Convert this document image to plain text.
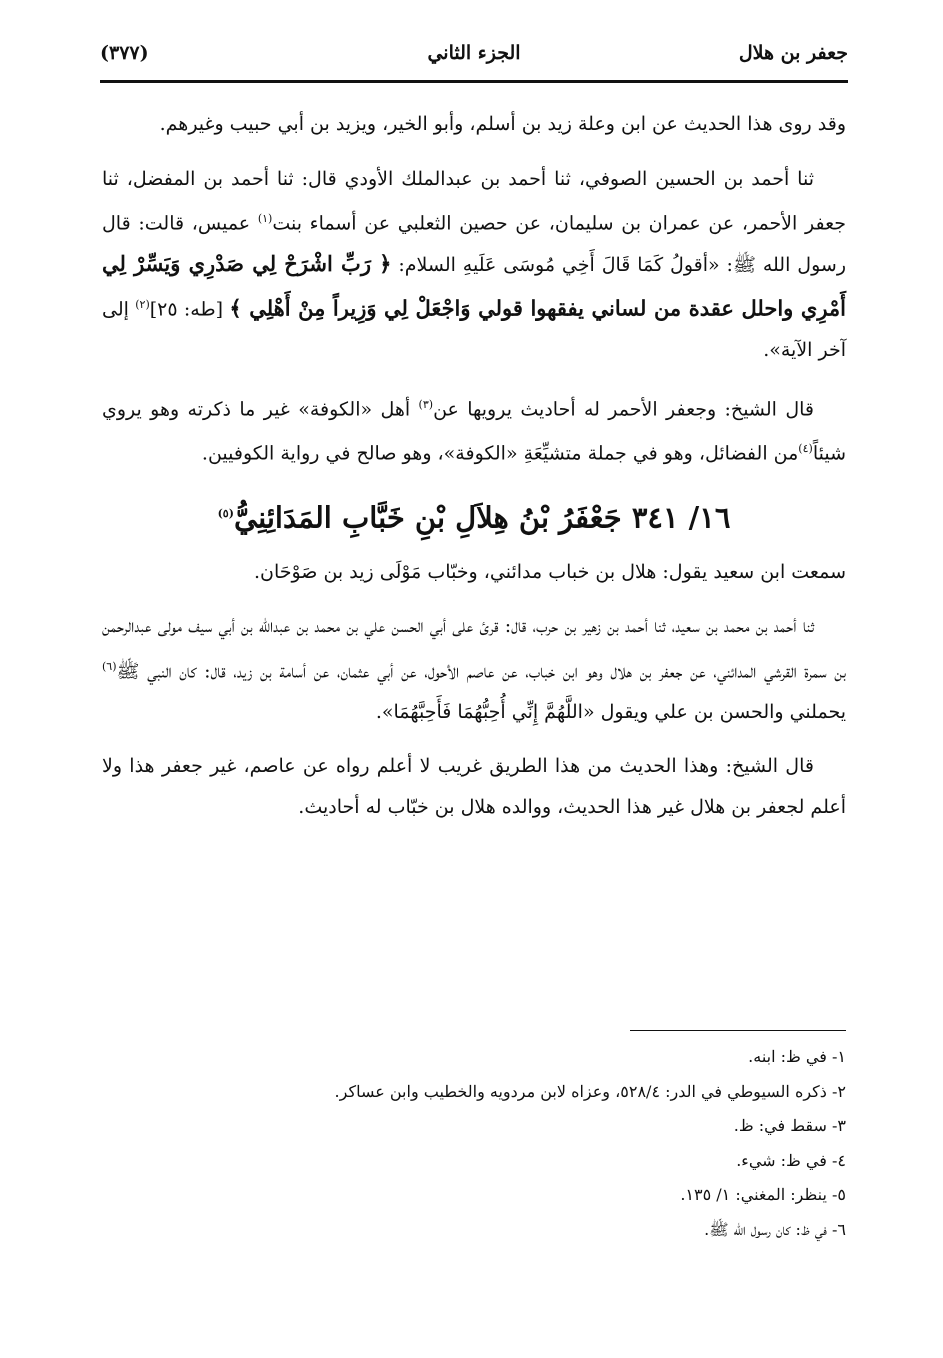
جعفر بن هلال
الجزء الثاني
(٣٧٧)

وقد روى هذا الحديث عن ابن وعلة زيد بن أسلم، وأبو الخير، ويزيد بن أبي حبيب وغيرهم.

ثنا أحمد بن الحسين الصوفي، ثنا أحمد بن عبدالملك الأودي قال: ثنا أحمد بن المفضل، ثنا جعفر الأحمر، عن عمران بن سليمان، عن حصين الثعلبي عن أسماء بنت$^{(١)}$ عميس، قالت: قال رسول الله ﷺ: «أقولُ كَمَا قَالَ أَخِي مُوسَى عَلَيهِ السلام: ﴿ رَبِّ اشْرَحْ لِي صَدْرِي وَيَسِّرْ لِي أَمْرِي واحلل عقدة من لساني يفقهوا قولي وَاجْعَلْ لِي وَزِيراً مِنْ أَهْلِي ﴾ [طه: ٢٥]$^{(٢)}$ إلى آخر الآية».

قال الشيخ: وجعفر الأحمر له أحاديث يرويها عن$^{(٣)}$ أهل «الكوفة» غير ما ذكرته وهو يروي شيئاً$^{(٤)}$من الفضائل، وهو في جملة متشيِّعَةِ «الكوفة»، وهو صالح في رواية الكوفيين.

١٦/ ٣٤١ جَعْفَرُ بْنُ هِلاَلِ بْنِ خَبَّابِ المَدَائِنِيُّ$^{(٥)}$

سمعت ابن سعيد يقول: هلال بن خباب مدائني، وخبّاب مَوْلَى زيد بن صَوْحَان.

ثنا أحمد بن محمد بن سعيد، ثنا أحمد بن زهير بن حرب، قال: قرئ على أبي الحسن علي بن محمد بن عبدالله بن أبي سيف مولى عبدالرحمن بن سمرة القرشي المدائني، عن جعفر بن هلال وهو ابن خباب، عن عاصم الأحول، عن أبي عثمان، عن أسامة بن زيد، قال: كان النبي ﷺ$^{(٦)}$ يحملني والحسن بن علي ويقول «اللَّهُمَّ إِنِّي أُحِبُّهُمَا فَأَحِبَّهُمَا».

قال الشيخ: وهذا الحديث من هذا الطريق غريب لا أعلم رواه عن عاصم، غير جعفر هذا ولا أعلم لجعفر بن هلال غير هذا الحديث، ووالده هلال بن خبّاب له أحاديث.

١- في ظ: ابنه.
٢- ذكره السيوطي في الدر: ٥٢٨/٤، وعزاه لابن مردويه والخطيب وابن عساكر.
٣- سقط في: ظ.
٤- في ظ: شيء.
٥- ينظر: المغني: ١/ ١٣٥.
٦- في ظ: كان رسول الله ﷺ.
